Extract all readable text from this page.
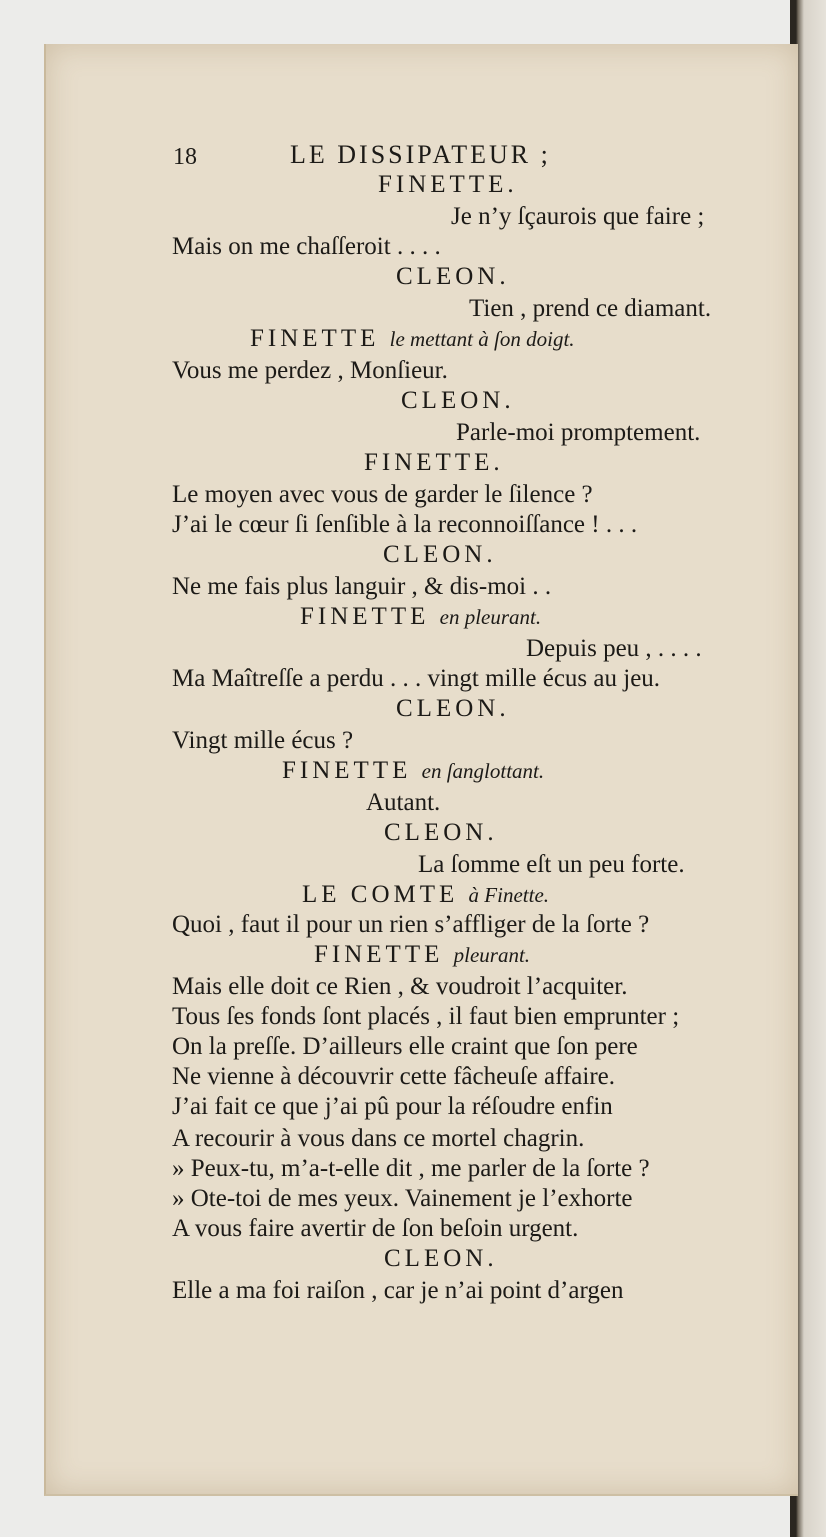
18	LE DISSIPATEUR ;
FINETTE.
Je n’y ſçaurois que faire ;
Mais on me chaſſeroit . . . .
CLEON.
Tien , prend ce diamant.
FINETTE le mettant à ſon doigt.
Vous me perdez , Monſieur.
CLEON.
Parle-moi promptement.
FINETTE.
Le moyen avec vous de garder le ſilence ?
J’ai le cœur ſi ſenſible à la reconnoiſſance ! . . .
CLEON.
Ne me fais plus languir , & dis-moi . .
FINETTE en pleurant.
Depuis peu , . . . .
Ma Maîtreſſe a perdu . . . vingt mille écus au jeu.
CLEON.
Vingt mille écus ?
FINETTE en ſanglottant.
Autant.
CLEON.
La ſomme eſt un peu forte.
LE COMTE à Finette.
Quoi , faut il pour un rien s’affliger de la ſorte ?
FINETTE pleurant.
Mais elle doit ce Rien , & voudroit l’acquiter.
Tous ſes fonds ſont placés , il faut bien emprunter ;
On la preſſe. D’ailleurs elle craint que ſon pere
Ne vienne à découvrir cette fâcheuſe affaire.
J’ai fait ce que j’ai pû pour la réſoudre enfin
A recourir à vous dans ce mortel chagrin.
» Peux-tu, m’a-t-elle dit , me parler de la ſorte ?
» Ote-toi de mes yeux. Vainement je l’exhorte
A vous faire avertir de ſon beſoin urgent.
CLEON.
Elle a ma foi raiſon , car je n’ai point d’argen
